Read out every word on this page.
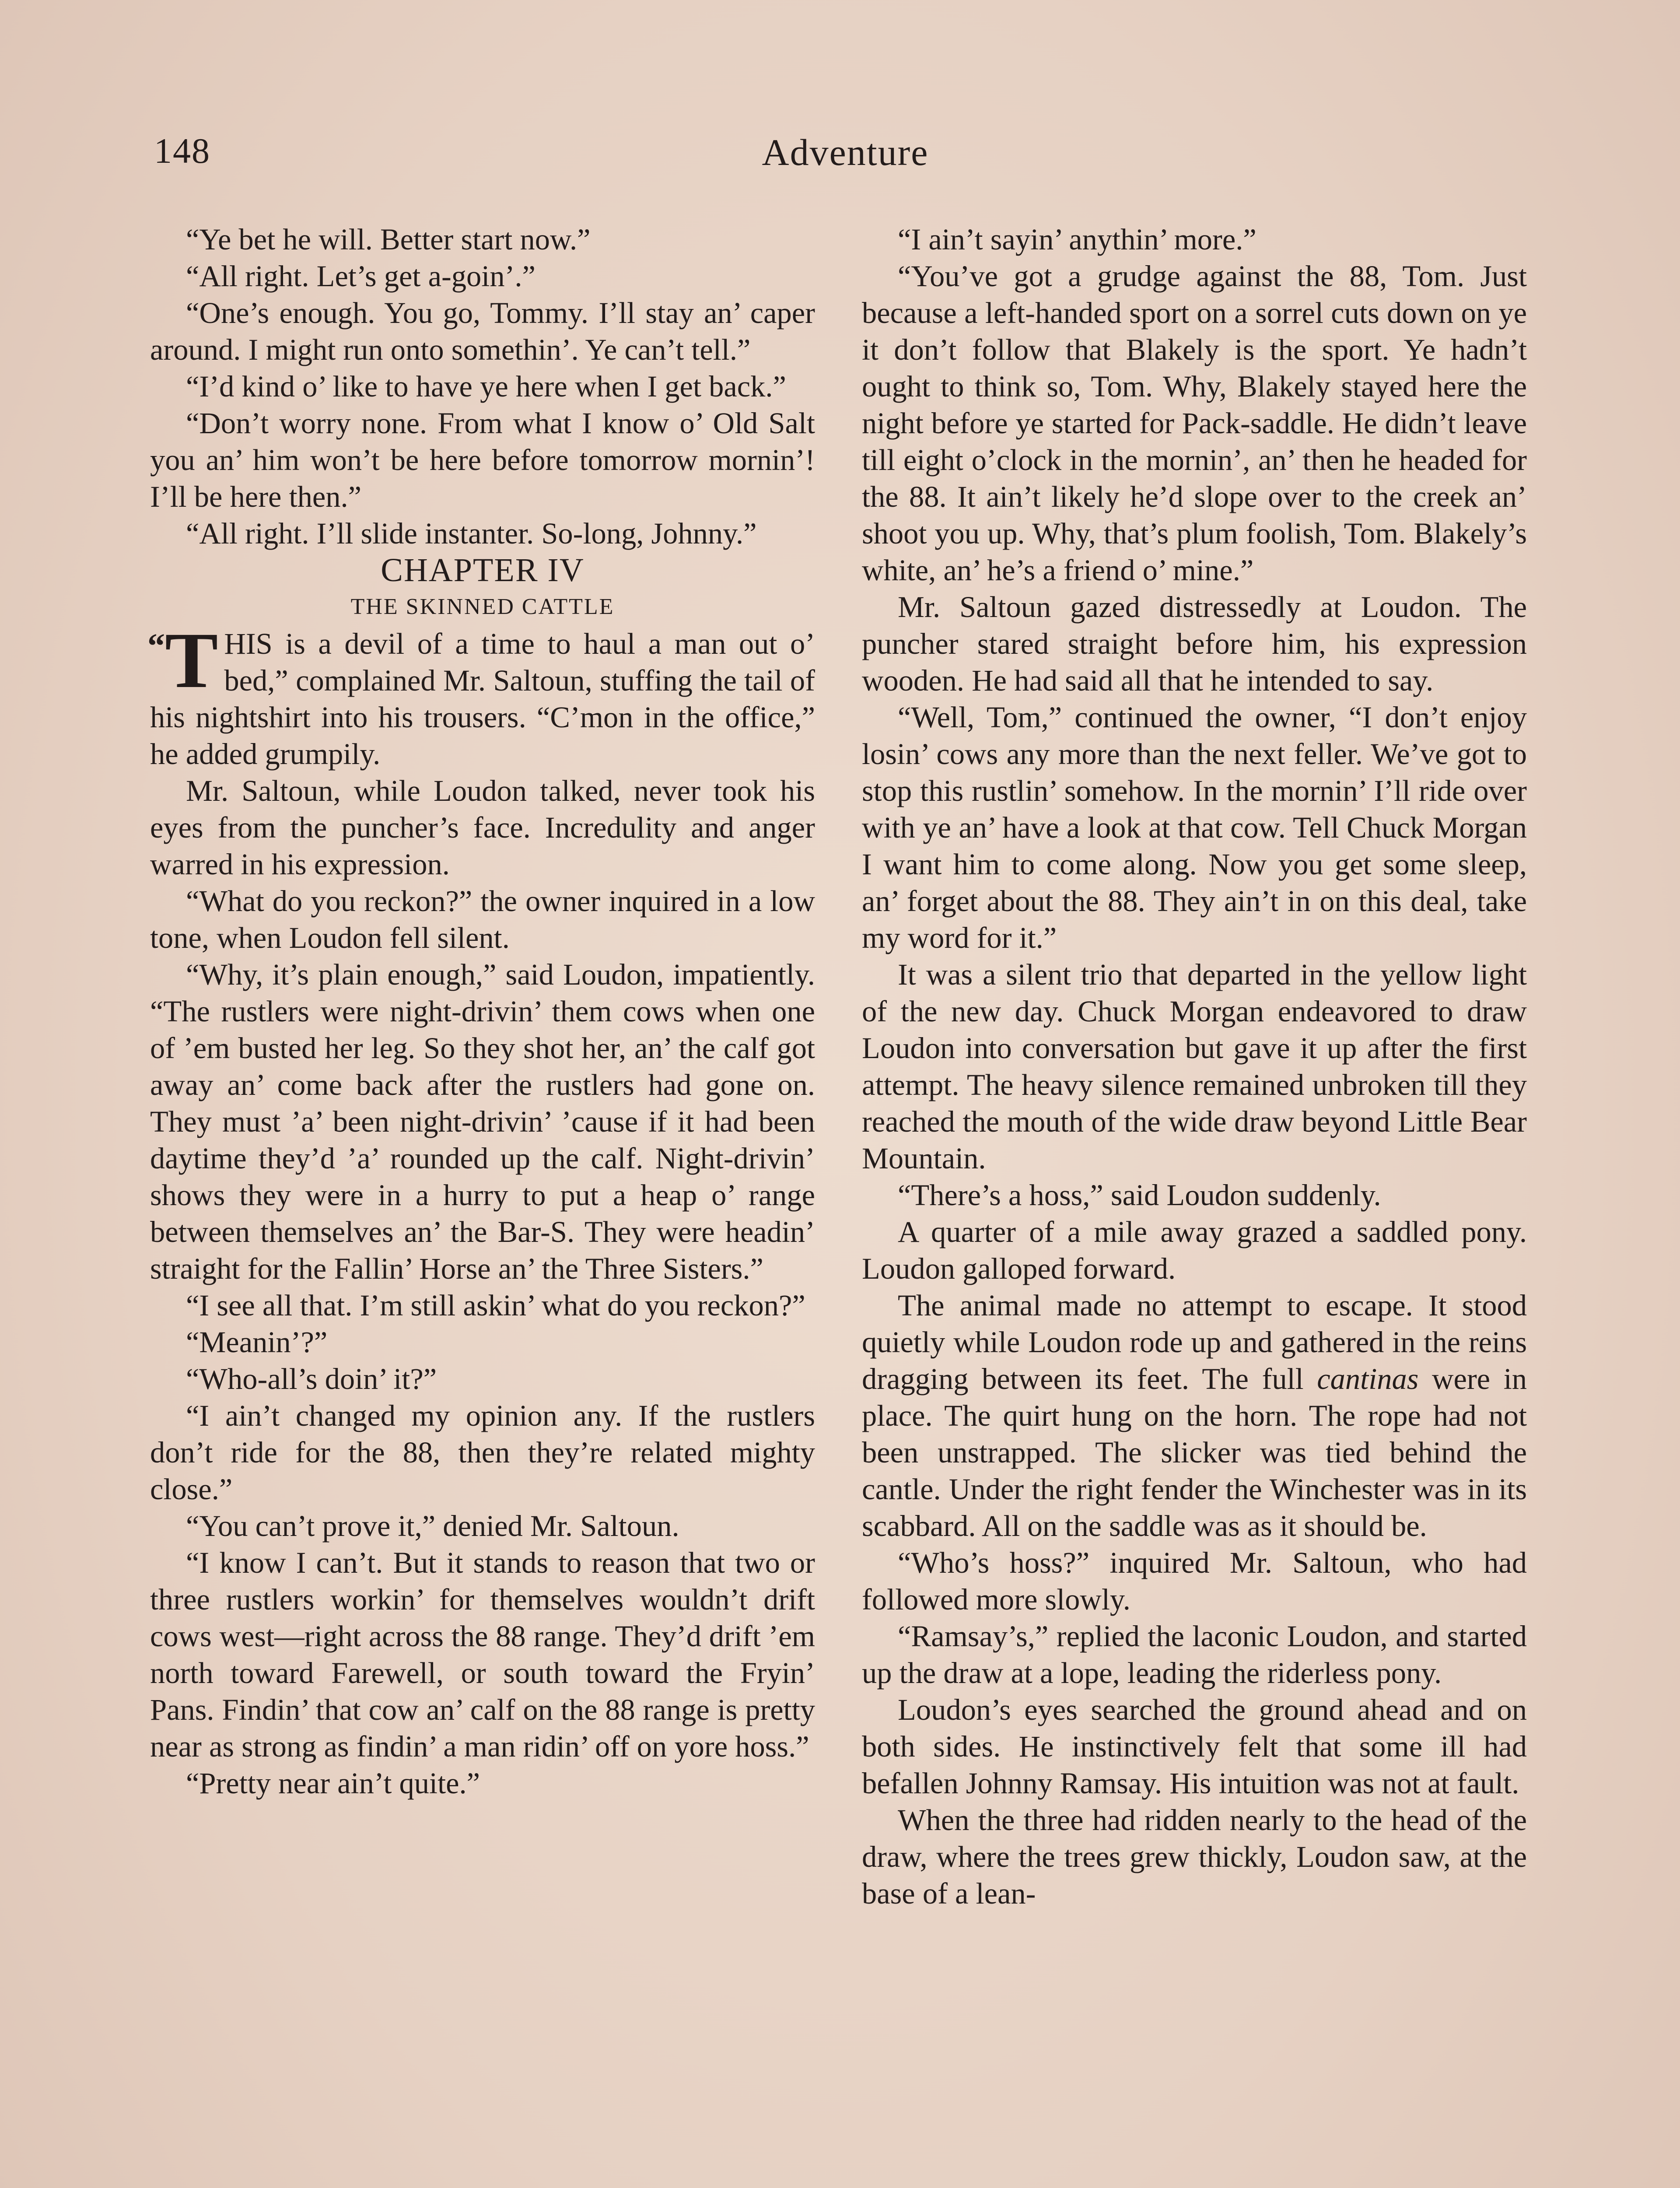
148	Adventure

“Ye bet he will. Better start now.”

“All right. Let’s get a-goin’.”

“One’s enough. You go, Tommy. I’ll stay an’ caper around. I might run onto somethin’. Ye can’t tell.”

“I’d kind o’ like to have ye here when I get back.”

“Don’t worry none. From what I know o’ Old Salt you an’ him won’t be here before tomorrow mornin’! I’ll be here then.”

“All right. I’ll slide instanter. So-long, Johnny.”

CHAPTER IV

THE SKINNED CATTLE

“T HIS is a devil of a time to haul a man out o’ bed,” complained Mr. Saltoun, stuffing the tail of his nightshirt into his trousers. “C’mon in the office,” he added grumpily.

Mr. Saltoun, while Loudon talked, never took his eyes from the puncher’s face. Incredulity and anger warred in his expression.

“What do you reckon?” the owner inquired in a low tone, when Loudon fell silent.

“Why, it’s plain enough,” said Loudon, impatiently. “The rustlers were night-drivin’ them cows when one of ’em busted her leg. So they shot her, an’ the calf got away an’ come back after the rustlers had gone on. They must ’a’ been night-drivin’ ’cause if it had been daytime they’d ’a’ rounded up the calf. Night-drivin’ shows they were in a hurry to put a heap o’ range between themselves an’ the Bar-S. They were headin’ straight for the Fallin’ Horse an’ the Three Sisters.”

“I see all that. I’m still askin’ what do you reckon?”

“Meanin’?”

“Who-all’s doin’ it?”

“I ain’t changed my opinion any. If the rustlers don’t ride for the 88, then they’re related mighty close.”

“You can’t prove it,” denied Mr. Saltoun.

“I know I can’t. But it stands to reason that two or three rustlers workin’ for themselves wouldn’t drift cows west—right across the 88 range. They’d drift ’em north toward Farewell, or south toward the Fryin’ Pans. Findin’ that cow an’ calf on the 88 range is pretty near as strong as findin’ a man ridin’ off on yore hoss.”

“Pretty near ain’t quite.”

“I ain’t sayin’ anythin’ more.”

“You’ve got a grudge against the 88, Tom. Just because a left-handed sport on a sorrel cuts down on ye it don’t follow that Blakely is the sport. Ye hadn’t ought to think so, Tom. Why, Blakely stayed here the night before ye started for Pack-saddle. He didn’t leave till eight o’clock in the mornin’, an’ then he headed for the 88. It ain’t likely he’d slope over to the creek an’ shoot you up. Why, that’s plum foolish, Tom. Blakely’s white, an’ he’s a friend o’ mine.”

Mr. Saltoun gazed distressedly at Loudon. The puncher stared straight before him, his expression wooden. He had said all that he intended to say.

“Well, Tom,” continued the owner, “I don’t enjoy losin’ cows any more than the next feller. We’ve got to stop this rustlin’ somehow. In the mornin’ I’ll ride over with ye an’ have a look at that cow. Tell Chuck Morgan I want him to come along. Now you get some sleep, an’ forget about the 88. They ain’t in on this deal, take my word for it.”

It was a silent trio that departed in the yellow light of the new day. Chuck Morgan endeavored to draw Loudon into conversation but gave it up after the first attempt. The heavy silence remained unbroken till they reached the mouth of the wide draw beyond Little Bear Mountain.

“There’s a hoss,” said Loudon suddenly.

A quarter of a mile away grazed a saddled pony. Loudon galloped forward.

The animal made no attempt to escape. It stood quietly while Loudon rode up and gathered in the reins dragging between its feet. The full cantinas were in place. The quirt hung on the horn. The rope had not been unstrapped. The slicker was tied behind the cantle. Under the right fender the Winchester was in its scabbard. All on the saddle was as it should be.

“Who’s hoss?” inquired Mr. Saltoun, who had followed more slowly.

“Ramsay’s,” replied the laconic Loudon, and started up the draw at a lope, leading the riderless pony.

Loudon’s eyes searched the ground ahead and on both sides. He instinctively felt that some ill had befallen Johnny Ramsay. His intuition was not at fault.

When the three had ridden nearly to the head of the draw, where the trees grew thickly, Loudon saw, at the base of a lean-
